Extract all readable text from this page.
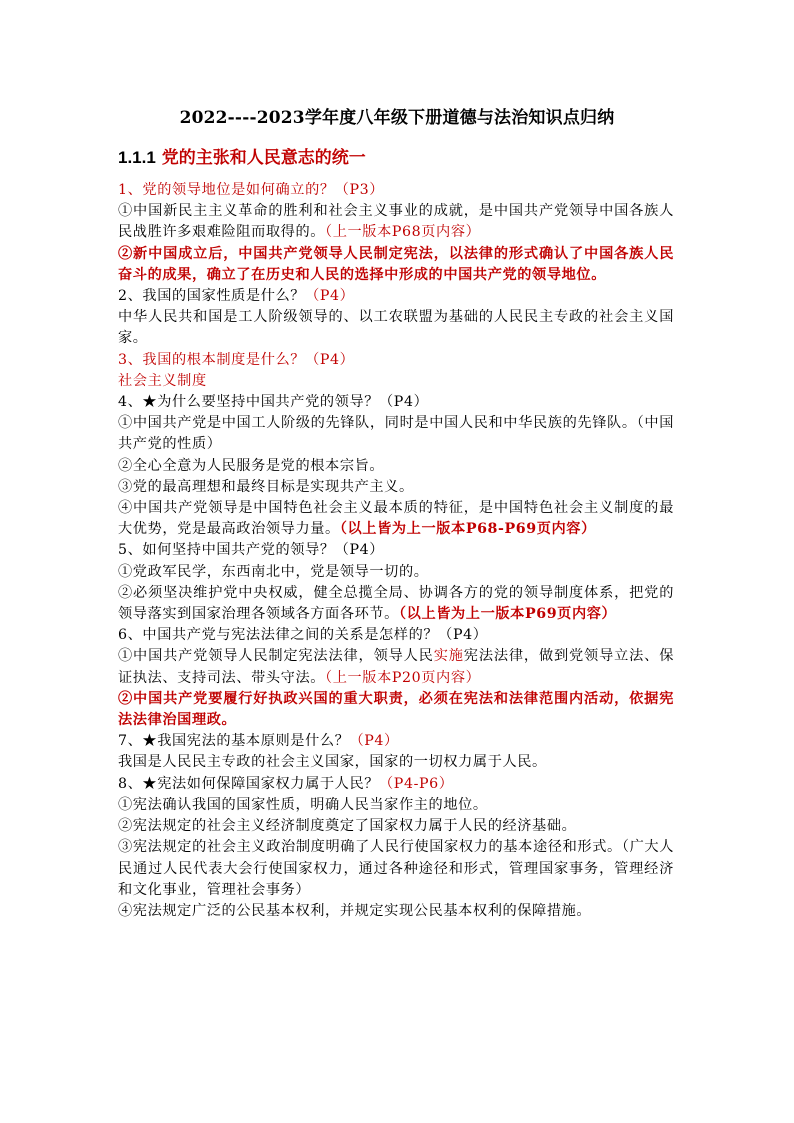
2022----2023学年度八年级下册道德与法治知识点归纳
1.1.1 党的主张和人民意志的统一

1、党的领导地位是如何确立的？（P3）

①中国新民主主义革命的胜利和社会主义事业的成就，是中国共产党领导中国各族人民战胜许多艰难险阻而取得的。（上一版本P68页内容）

②新中国成立后，中国共产党领导人民制定宪法，以法律的形式确认了中国各族人民奋斗的成果，确立了在历史和人民的选择中形成的中国共产党的领导地位。

2、我国的国家性质是什么？（P4）

中华人民共和国是工人阶级领导的、以工农联盟为基础的人民民主专政的社会主义国家。

3、我国的根本制度是什么？（P4）

社会主义制度

4、★为什么要坚持中国共产党的领导？（P4）

①中国共产党是中国工人阶级的先锋队，同时是中国人民和中华民族的先锋队。（中国共产党的性质）

②全心全意为人民服务是党的根本宗旨。

③党的最高理想和最终目标是实现共产主义。

④中国共产党领导是中国特色社会主义最本质的特征，是中国特色社会主义制度的最大优势，党是最高政治领导力量。（以上皆为上一版本P68-P69页内容）

5、如何坚持中国共产党的领导？（P4）

①党政军民学，东西南北中，党是领导一切的。

②必须坚决维护党中央权威，健全总揽全局、协调各方的党的领导制度体系，把党的领导落实到国家治理各领域各方面各环节。（以上皆为上一版本P69页内容）

6、中国共产党与宪法法律之间的关系是怎样的？（P4）

①中国共产党领导人民制定宪法法律，领导人民实施宪法法律，做到党领导立法、保证执法、支持司法、带头守法。（上一版本P20页内容）

②中国共产党要履行好执政兴国的重大职责，必须在宪法和法律范围内活动，依据宪法法律治国理政。

7、★我国宪法的基本原则是什么？（P4）

我国是人民民主专政的社会主义国家，国家的一切权力属于人民。

8、★宪法如何保障国家权力属于人民？（P4-P6）

①宪法确认我国的国家性质，明确人民当家作主的地位。

②宪法规定的社会主义经济制度奠定了国家权力属于人民的经济基础。

③宪法规定的社会主义政治制度明确了人民行使国家权力的基本途径和形式。（广大人民通过人民代表大会行使国家权力，通过各种途径和形式，管理国家事务，管理经济和文化事业，管理社会事务）

④宪法规定广泛的公民基本权利，并规定实现公民基本权利的保障措施。
